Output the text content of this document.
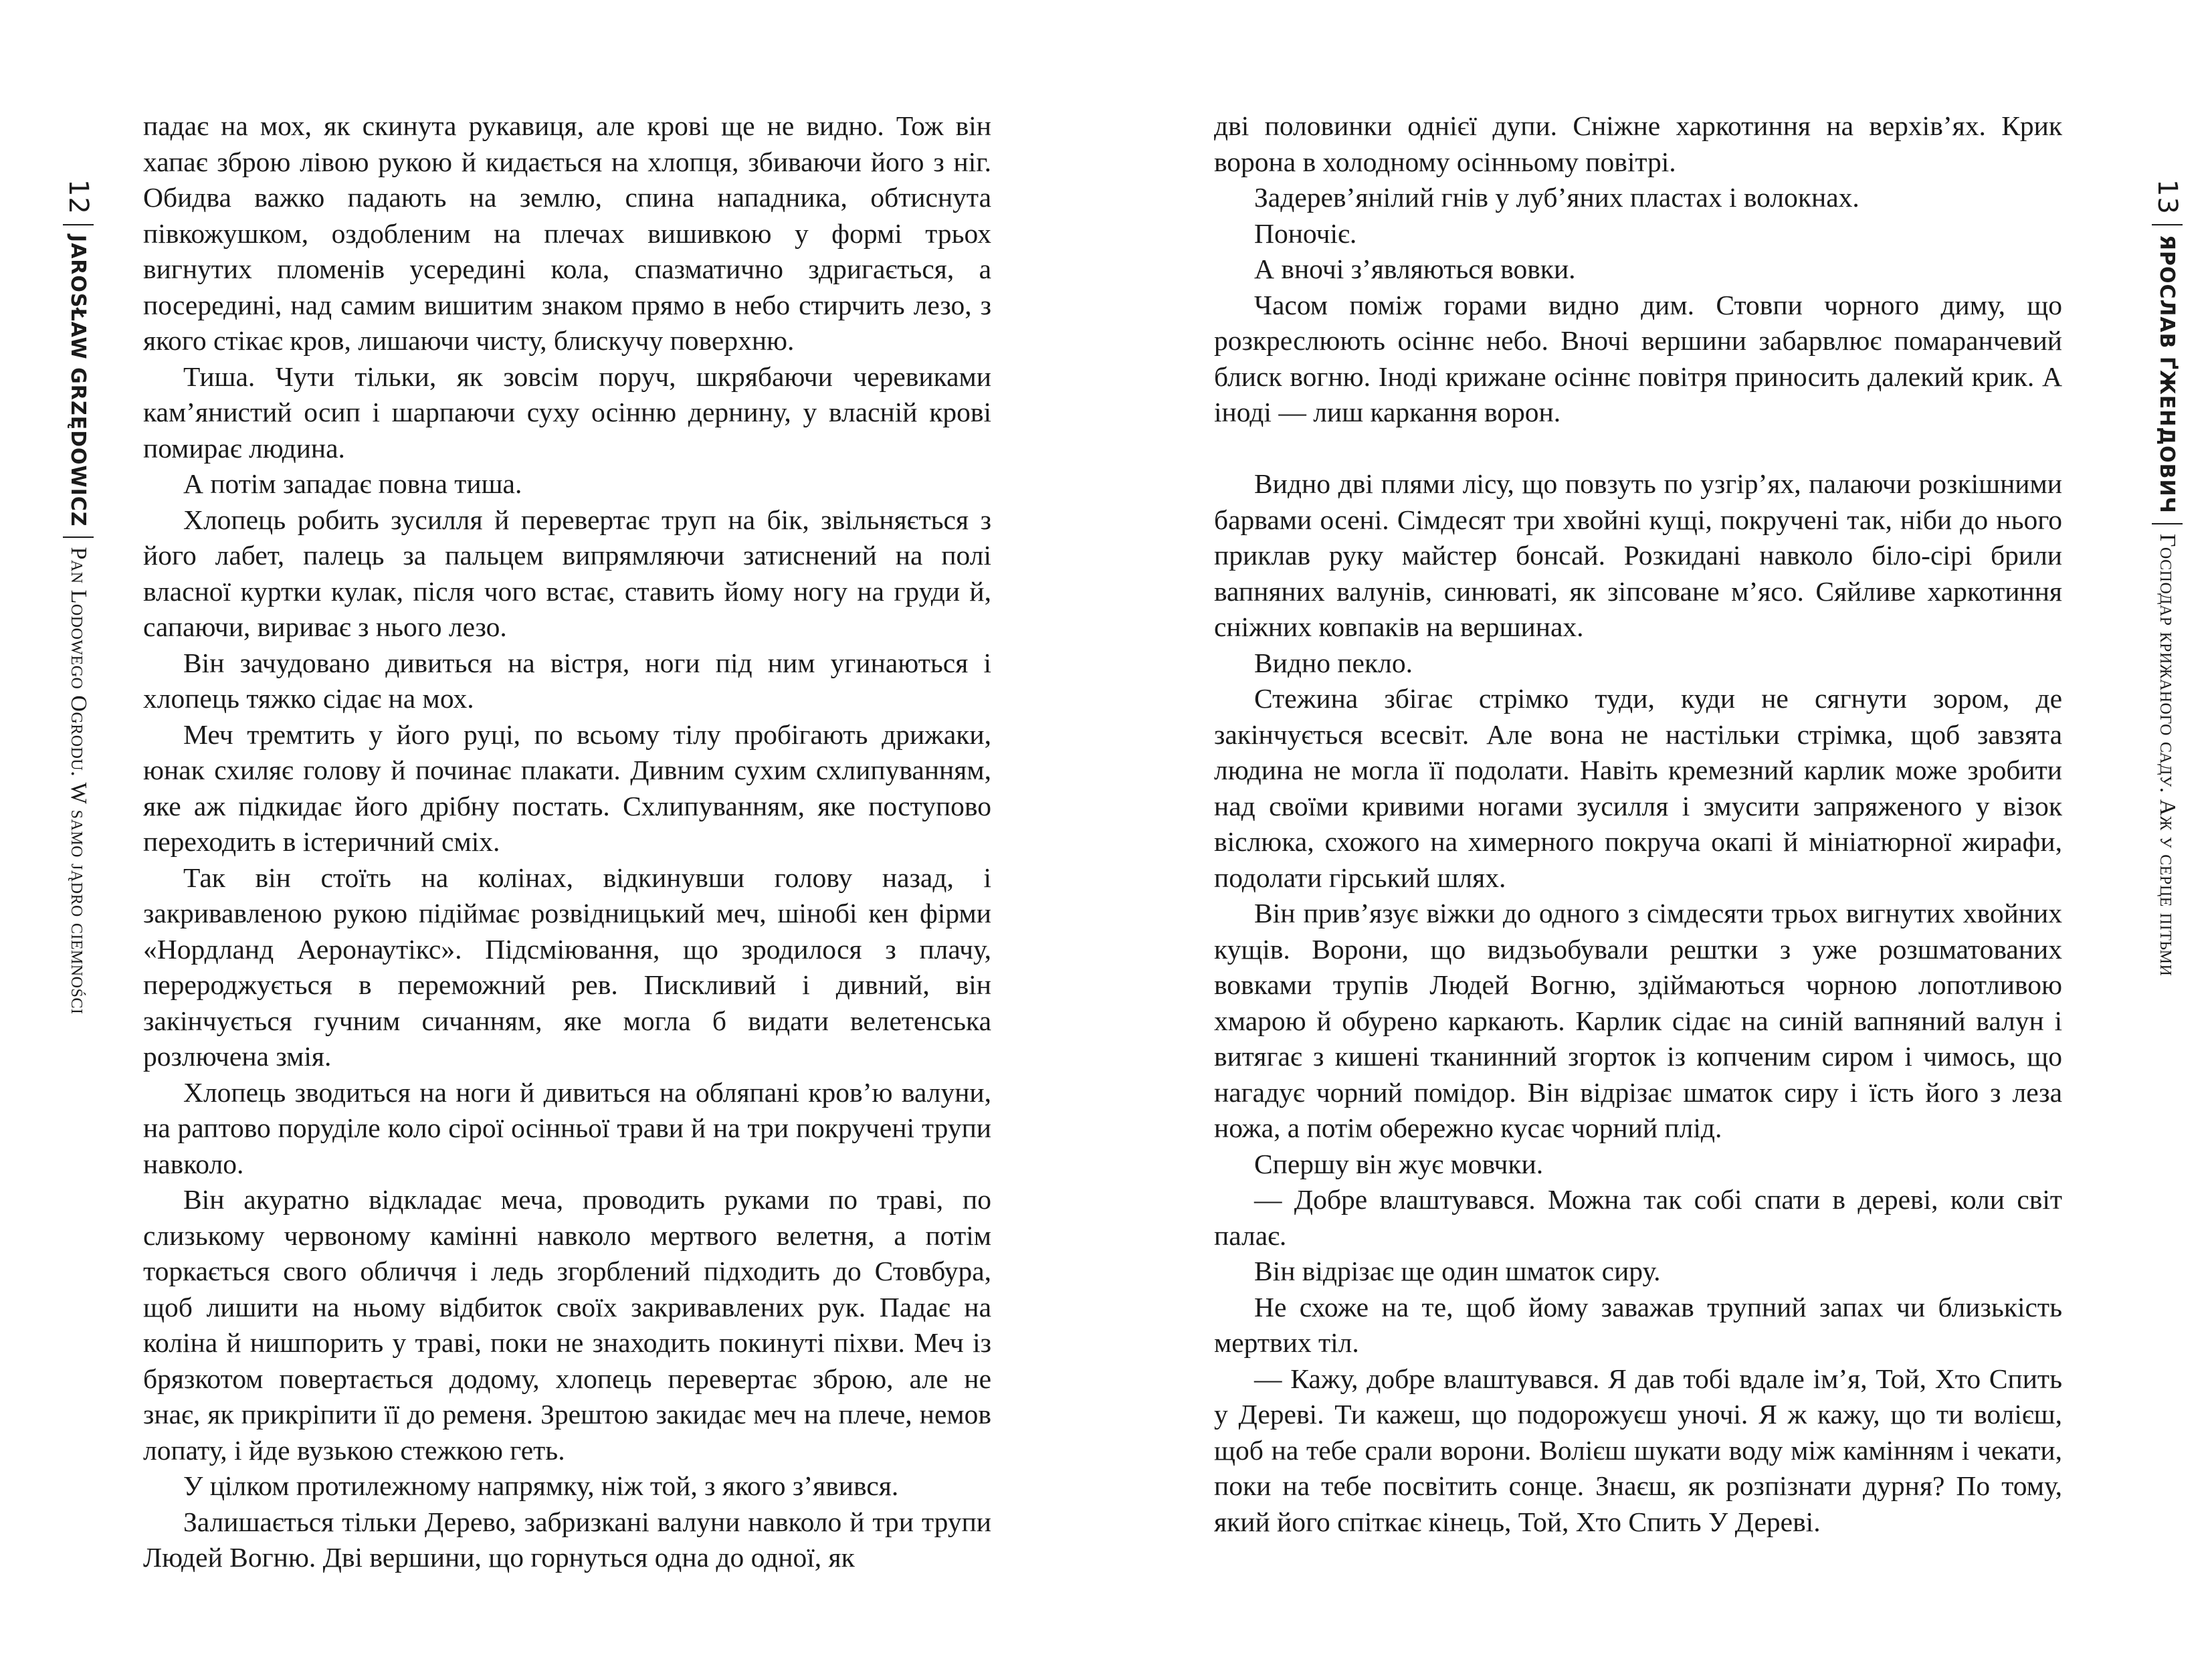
12
JAROSŁAW GRZĘDOWICZ
Pan Lodowego Ogrodu. W samo jądro ciemności

падає на мох, як скинута рукавиця, але крові ще не видно. Тож він хапає зброю лівою рукою й кидається на хлопця, збиваючи його з ніг. Обидва важко падають на землю, спина нападника, обтиснута півкожушком, оздобленим на плечах вишивкою у формі трьох вигнутих пломенів усередині кола, спазматично здригається, а посередині, над самим вишитим знаком прямо в небо стирчить лезо, з якого стікає кров, лишаючи чисту, блискучу поверхню.

Тиша. Чути тільки, як зовсім поруч, шкрябаючи черевиками кам’янистий осип і шарпаючи суху осінню дернину, у власній крові помирає людина.

А потім западає повна тиша.

Хлопець робить зусилля й перевертає труп на бік, звільняється з його лабет, палець за пальцем випрямляючи затиснений на полі власної куртки кулак, після чого встає, ставить йому ногу на груди й, сапаючи, вириває з нього лезо.

Він зачудовано дивиться на вістря, ноги під ним угинаються і хлопець тяжко сідає на мох.

Меч тремтить у його руці, по всьому тілу пробігають дрижаки, юнак схиляє голову й починає плакати. Дивним сухим схлипуванням, яке аж підкидає його дрібну постать. Схлипуванням, яке поступово переходить в істеричний сміх.

Так він стоїть на колінах, відкинувши голову назад, і закривавленою рукою підіймає розвідницький меч, шінобі кен фірми «Нордланд Аеронаутікс». Підсміювання, що зродилося з плачу, перероджується в переможний рев. Пискливий і дивний, він закінчується гучним сичанням, яке могла б видати велетенська розлючена змія.

Хлопець зводиться на ноги й дивиться на обляпані кров’ю валуни, на раптово поруділе коло сірої осінньої трави й на три покручені трупи навколо.

Він акуратно відкладає меча, проводить руками по траві, по слизькому червоному камінні навколо мертвого велетня, а потім торкається свого обличчя і ледь згорблений підходить до Стовбура, щоб лишити на ньому відбиток своїх закривавлених рук. Падає на коліна й нишпорить у траві, поки не знаходить покинуті піхви. Меч із брязкотом повертається додому, хлопець перевертає зброю, але не знає, як прикріпити її до ременя. Зрештою закидає меч на плече, немов лопату, і йде вузькою стежкою геть.

У цілком протилежному напрямку, ніж той, з якого з’явився.

Залишається тільки Дерево, забризкані валуни навколо й три трупи Людей Вогню. Дві вершини, що горнуться одна до одної, як

дві половинки однієї дупи. Сніжне харкотиння на верхів’ях. Крик ворона в холодному осінньому повітрі.

Задерев’янілий гнів у луб’яних пластах і волокнах.

Поночіє.

А вночі з’являються вовки.

Часом поміж горами видно дим. Стовпи чорного диму, що розкреслюють осіннє небо. Вночі вершини забарвлює помаранчевий блиск вогню. Іноді крижане осіннє повітря приносить далекий крик. А іноді — лиш каркання ворон.

Видно дві плями лісу, що повзуть по узгір’ях, палаючи розкішними барвами осені. Сімдесят три хвойні кущі, покручені так, ніби до нього приклав руку майстер бонсай. Розкидані навколо біло-сірі брили вапняних валунів, синюваті, як зіпсоване м’ясо. Сяйливе харкотиння сніжних ковпаків на вершинах.

Видно пекло.

Стежина збігає стрімко туди, куди не сягнути зором, де закінчується всесвіт. Але вона не настільки стрімка, щоб завзята людина не могла її подолати. Навіть кремезний карлик може зробити над своїми кривими ногами зусилля і змусити запряженого у візок віслюка, схожого на химерного покруча окапі й мініатюрної жирафи, подолати гірський шлях.

Він прив’язує віжки до одного з сімдесяти трьох вигнутих хвойних кущів. Ворони, що видзьобували рештки з уже розшматованих вовками трупів Людей Вогню, здіймаються чорною лопотливою хмарою й обурено каркають. Карлик сідає на синій вапняний валун і витягає з кишені тканинний згорток із копченим сиром і чимось, що нагадує чорний помідор. Він відрізає шматок сиру і їсть його з леза ножа, а потім обережно кусає чорний плід.

Спершу він жує мовчки.

— Добре влаштувався. Можна так собі спати в дереві, коли світ палає.

Він відрізає ще один шматок сиру.

Не схоже на те, щоб йому заважав трупний запах чи близькість мертвих тіл.

— Кажу, добре влаштувався. Я дав тобі вдале ім’я, Той, Хто Спить у Дереві. Ти кажеш, що подорожуєш уночі. Я ж кажу, що ти волієш, щоб на тебе срали ворони. Волієш шукати воду між камінням і чекати, поки на тебе посвітить сонце. Знаєш, як розпізнати дурня? По тому, який його спіткає кінець, Той, Хто Спить У Дереві.

13
ЯРОСЛАВ ҐЖЕНДОВИЧ
Господар крижаного саду. Аж у серце пітьми
